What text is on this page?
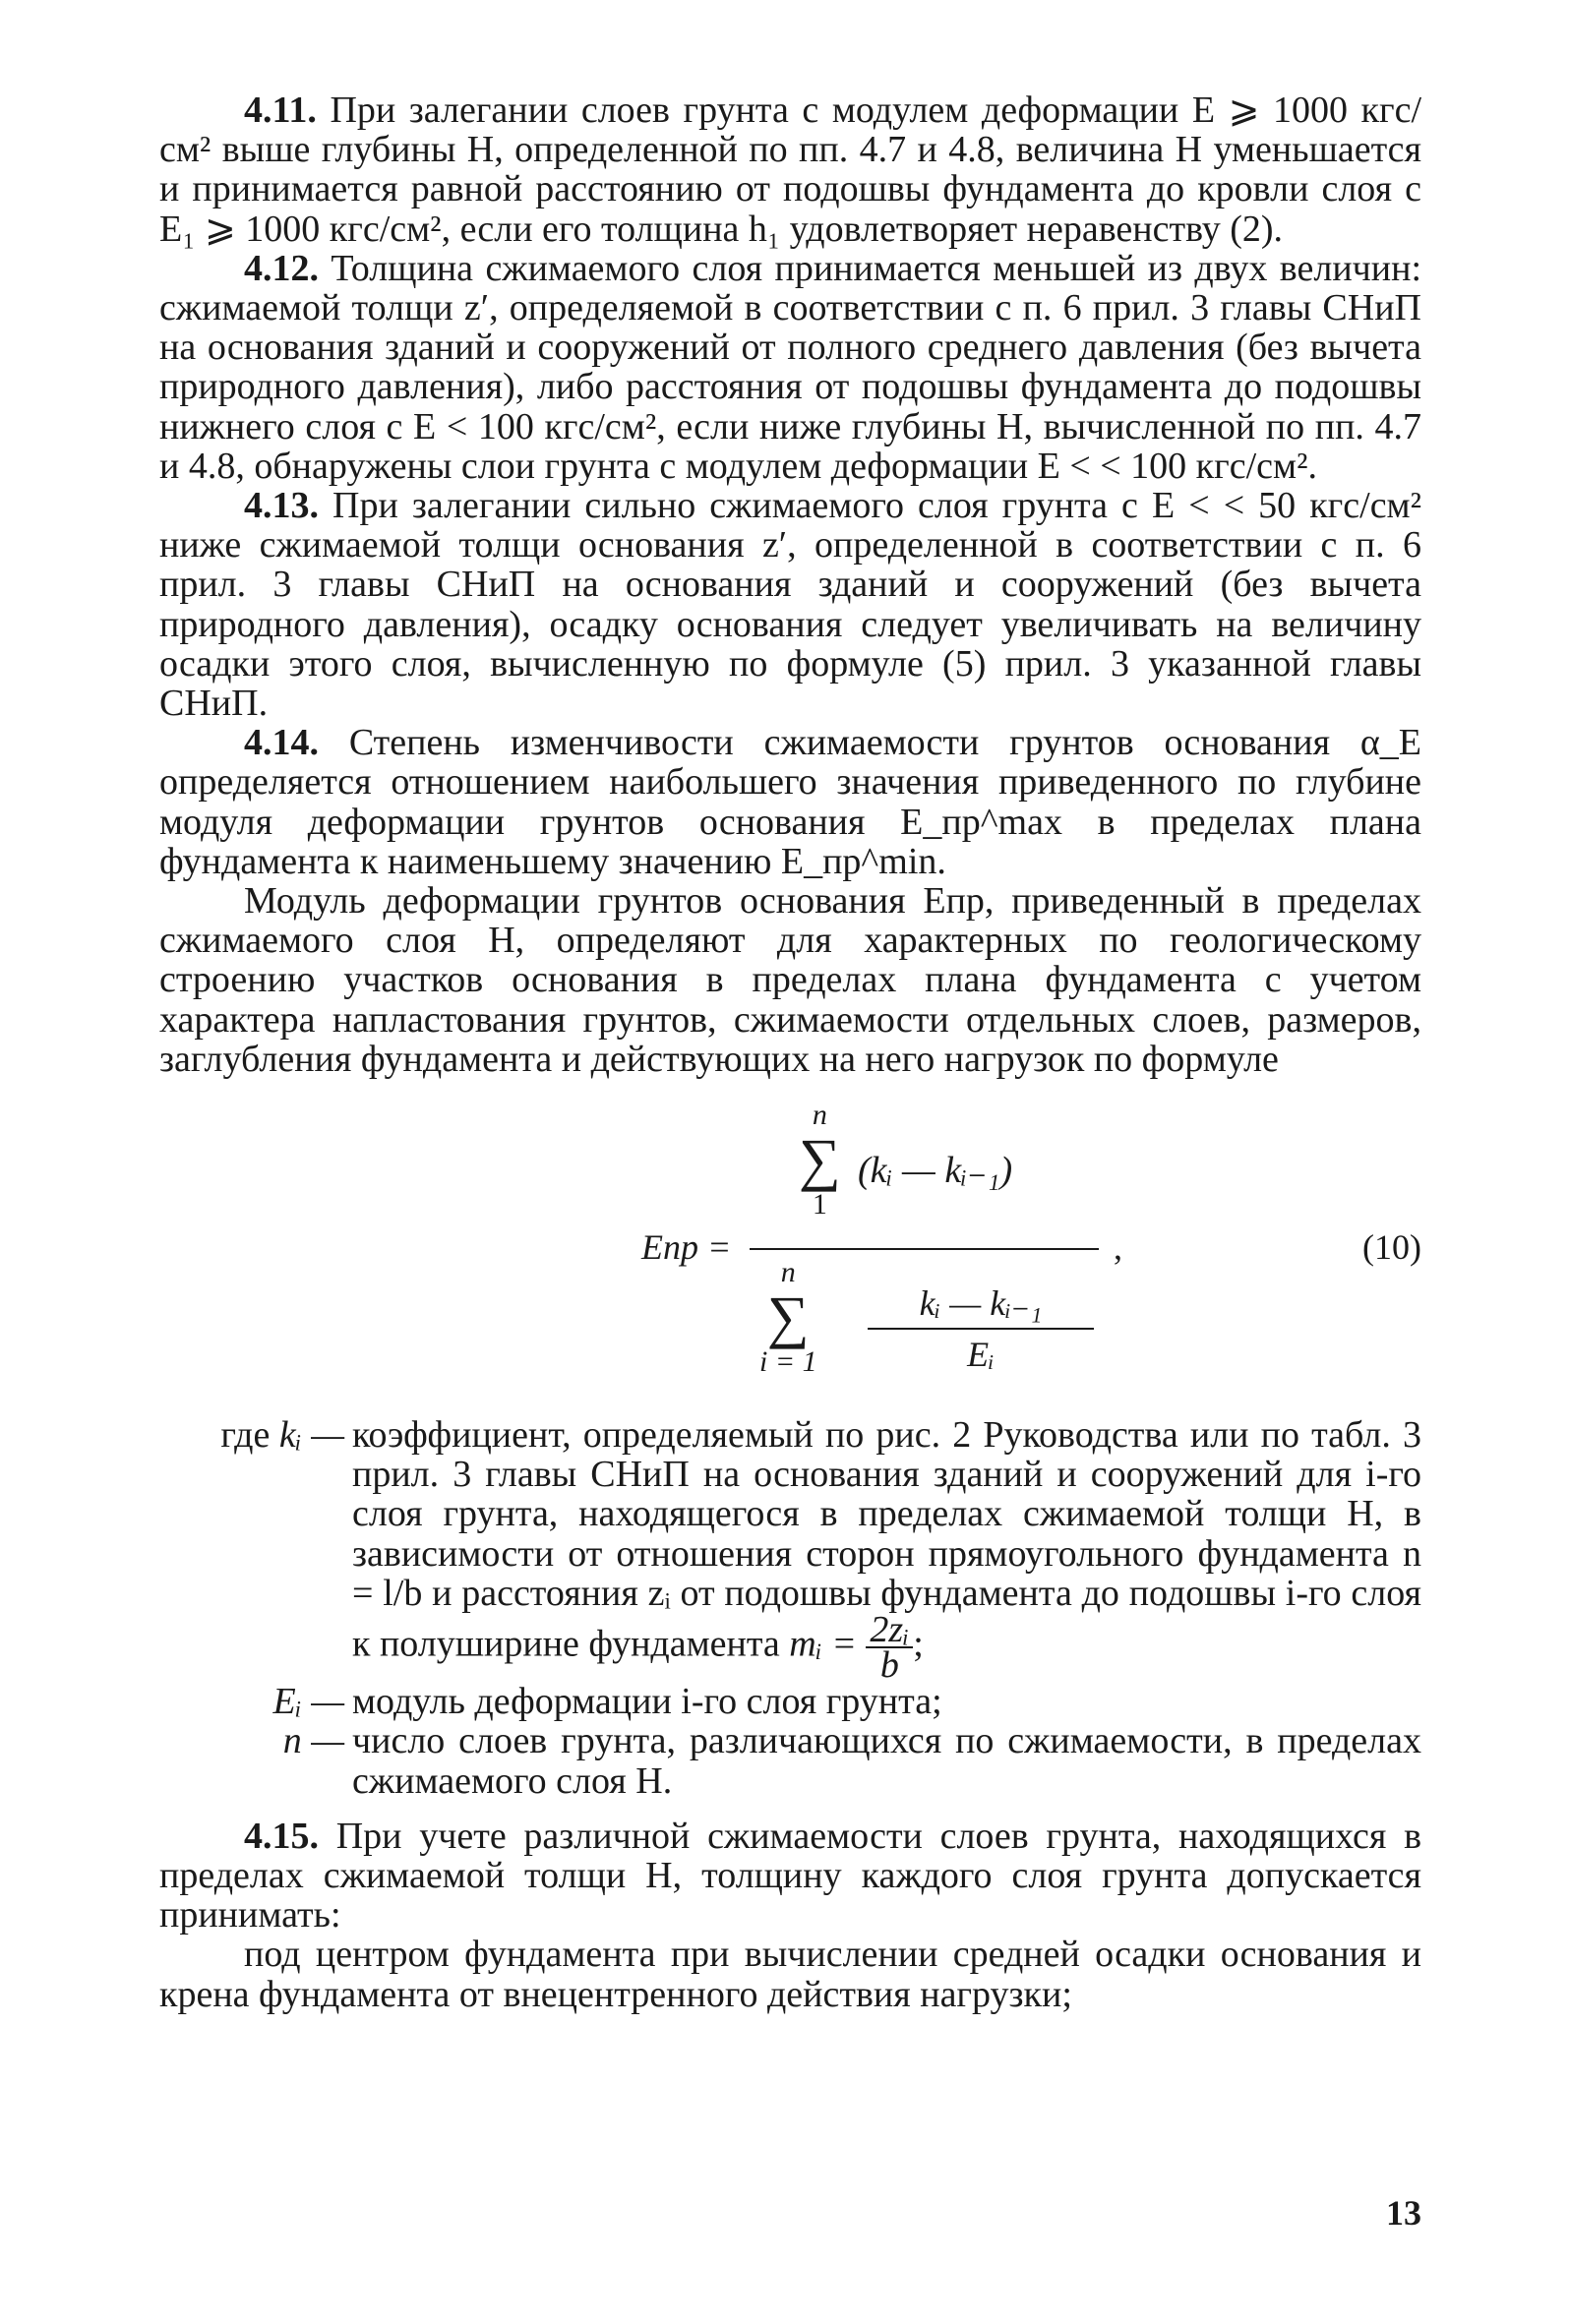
4.11. При залегании слоев грунта с модулем деформации E ⩾ 1000 кгс/см² выше глубины H, определенной по пп. 4.7 и 4.8, величина H уменьшается и принимается равной расстоянию от подошвы фундамента до кровли слоя с E₁ ⩾ 1000 кгс/см², если его толщина h₁ удовлетворяет неравенству (2).

4.12. Толщина сжимаемого слоя принимается меньшей из двух величин: сжимаемой толщи z′, определяемой в соответствии с п. 6 прил. 3 главы СНиП на основания зданий и сооружений от полного среднего давления (без вычета природного давления), либо расстояния от подошвы фундамента до подошвы нижнего слоя с E < 100 кгс/см², если ниже глубины H, вычисленной по пп. 4.7 и 4.8, обнаружены слои грунта с модулем деформации E < < 100 кгс/см².

4.13. При залегании сильно сжимаемого слоя грунта с E < < 50 кгс/см² ниже сжимаемой толщи основания z′, определенной в соответствии с п. 6 прил. 3 главы СНиП на основания зданий и сооружений (без вычета природного давления), осадку основания следует увеличивать на величину осадки этого слоя, вычисленную по формуле (5) прил. 3 указанной главы СНиП.

4.14. Степень изменчивости сжимаемости грунтов основания α_E определяется отношением наибольшего значения приведенного по глубине модуля деформации грунтов основания E_пр^max в пределах плана фундамента к наименьшему значению E_пр^min.

Модуль деформации грунтов основания Eпр, приведенный в пределах сжимаемого слоя H, определяют для характерных по геологическому строению участков основания в пределах плана фундамента с учетом характера напластования грунтов, сжимаемости отдельных слоев, размеров, заглубления фундамента и действующих на него нагрузок по формуле

Eпр =
n
∑
1
(kᵢ — kᵢ₋₁)
n
∑
$i = 1 \frac{\text{kᵢ — kᵢ₋₁}}{\text{Eᵢ}}$
,	(10)
где kᵢ — коэффициент, определяемый по рис. 2 Руководства или по табл. 3 прил. 3 главы СНиП на основания зданий и сооружений для i-го слоя грунта, находящегося в пределах сжимаемой толщи H, в зависимости от отношения сторон прямоугольного фундамента n = l/b и расстояния zᵢ от подошвы фундамента до подошвы i-го слоя к полуширине фундамента mᵢ = $\frac{\text{2zᵢ}}{b}$ ;
Eᵢ — модуль деформации i-го слоя грунта;
n — число слоев грунта, различающихся по сжимаемости, в пределах сжимаемого слоя H.

4.15. При учете различной сжимаемости слоев грунта, находящихся в пределах сжимаемой толщи H, толщину каждого слоя грунта допускается принимать:

под центром фундамента при вычислении средней осадки основания и крена фундамента от внецентренного действия нагрузки;

13
